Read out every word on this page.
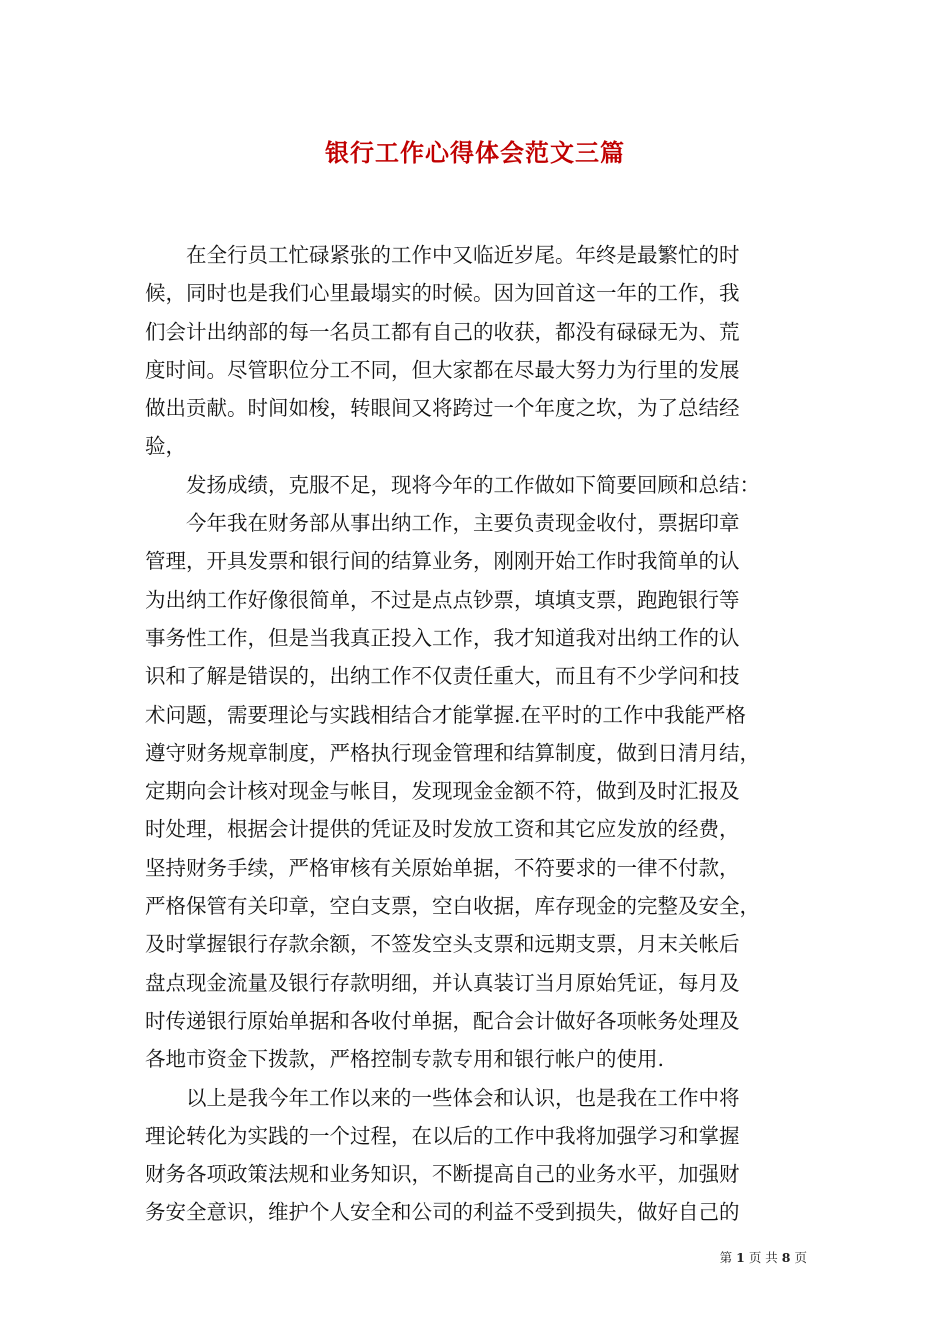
银行工作心得体会范文三篇
　　在全行员工忙碌紧张的工作中又临近岁尾。年终是最繁忙的时
候，同时也是我们心里最塌实的时候。因为回首这一年的工作，我
们会计出纳部的每一名员工都有自己的收获，都没有碌碌无为、荒
度时间。尽管职位分工不同，但大家都在尽最大努力为行里的发展
做出贡献。时间如梭，转眼间又将跨过一个年度之坎，为了总结经
验，
　　发扬成绩，克服不足，现将今年的工作做如下简要回顾和总结：
　　今年我在财务部从事出纳工作，主要负责现金收付，票据印章
管理，开具发票和银行间的结算业务，刚刚开始工作时我简单的认
为出纳工作好像很简单，不过是点点钞票，填填支票，跑跑银行等
事务性工作，但是当我真正投入工作，我才知道我对出纳工作的认
识和了解是错误的，出纳工作不仅责任重大，而且有不少学问和技
术问题，需要理论与实践相结合才能掌握.在平时的工作中我能严格
遵守财务规章制度，严格执行现金管理和结算制度，做到日清月结，
定期向会计核对现金与帐目，发现现金金额不符，做到及时汇报及
时处理，根据会计提供的凭证及时发放工资和其它应发放的经费，
坚持财务手续，严格审核有关原始单据，不符要求的一律不付款，
严格保管有关印章，空白支票，空白收据，库存现金的完整及安全，
及时掌握银行存款余额，不签发空头支票和远期支票，月末关帐后
盘点现金流量及银行存款明细，并认真装订当月原始凭证，每月及
时传递银行原始单据和各收付单据，配合会计做好各项帐务处理及
各地市资金下拨款，严格控制专款专用和银行帐户的使用.
　　以上是我今年工作以来的一些体会和认识，也是我在工作中将
理论转化为实践的一个过程，在以后的工作中我将加强学习和掌握
财务各项政策法规和业务知识，不断提高自己的业务水平，加强财
务安全意识，维护个人安全和公司的利益不受到损失，做好自己的
第 1 页 共 8 页
